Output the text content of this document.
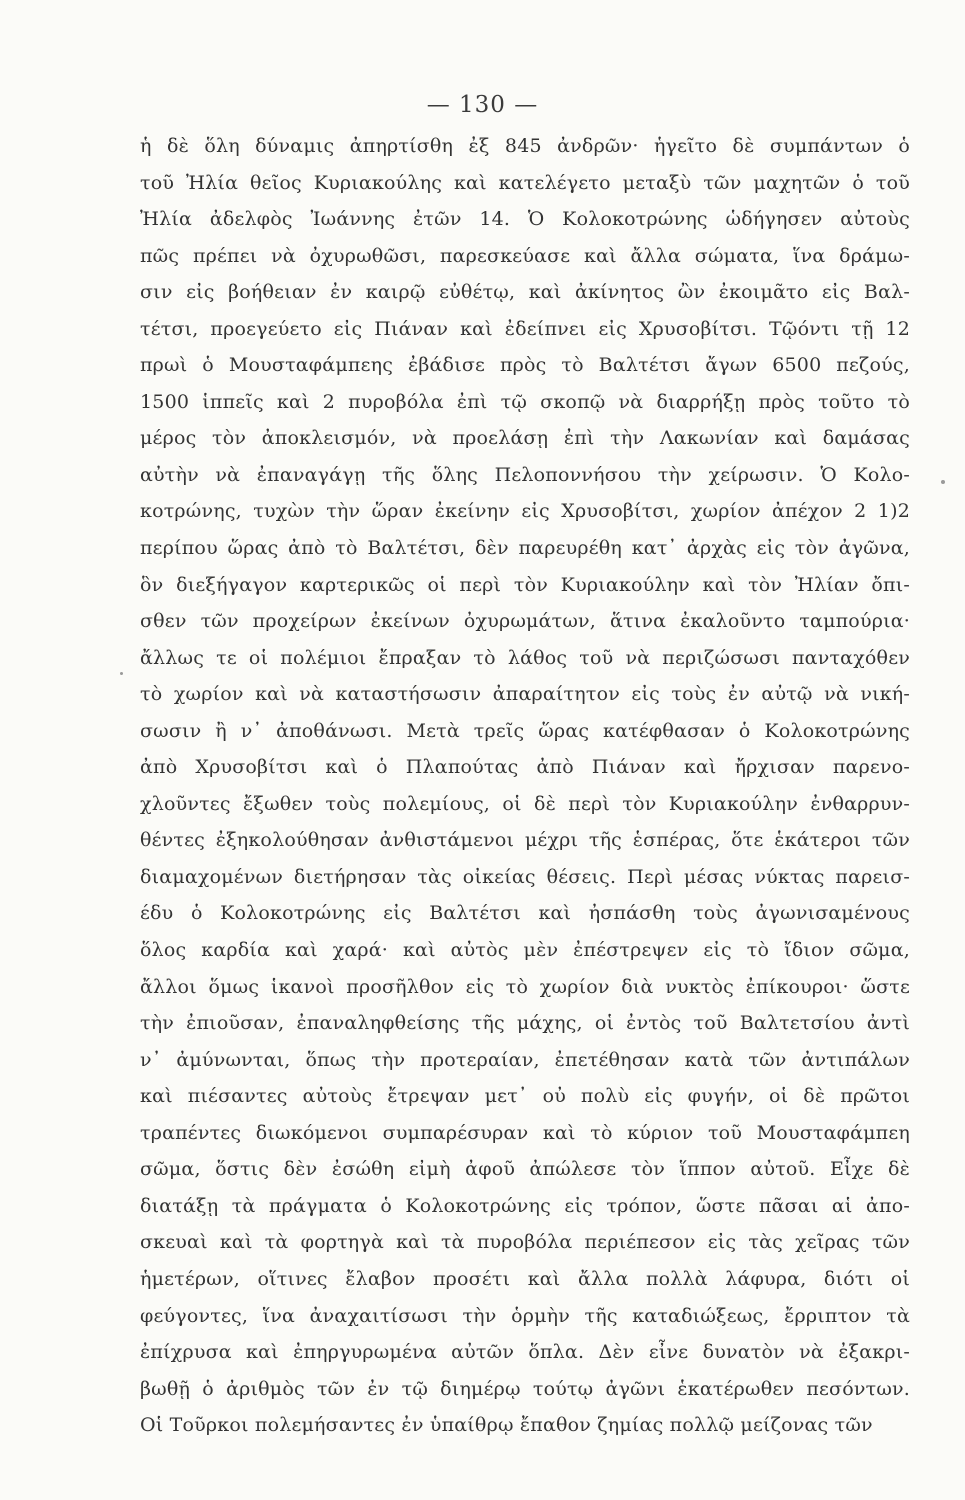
— 130 —
ἡ δὲ ὅλη δύναμις ἀπηρτίσθη ἐξ 845 ἀνδρῶν· ἡγεῖτο δὲ συμπάντων ὁ
τοῦ Ἠλία θεῖος Κυριακούλης καὶ κατελέγετο μεταξὺ τῶν μαχητῶν ὁ τοῦ
Ἠλία ἀδελφὸς Ἰωάννης ἐτῶν 14. Ὁ Κολοκοτρώνης ὡδήγησεν αὐτοὺς
πῶς πρέπει νὰ ὀχυρωθῶσι, παρεσκεύασε καὶ ἄλλα σώματα, ἵνα δράμω-
σιν εἰς βοήθειαν ἐν καιρῷ εὐθέτῳ, καὶ ἀκίνητος ὢν ἐκοιμᾶτο εἰς Βαλ-
τέτσι, προεγεύετο εἰς Πιάναν καὶ ἐδείπνει εἰς Χρυσοβίτσι. Τῷόντι τῇ 12
πρωὶ ὁ Μουσταφάμπεης ἐβάδισε πρὸς τὸ Βαλτέτσι ἄγων 6500 πεζούς,
1500 ἱππεῖς καὶ 2 πυροβόλα ἐπὶ τῷ σκοπῷ νὰ διαρρήξῃ πρὸς τοῦτο τὸ
μέρος τὸν ἀποκλεισμόν, νὰ προελάσῃ ἐπὶ τὴν Λακωνίαν καὶ δαμάσας
αὐτὴν νὰ ἐπαναγάγῃ τῆς ὅλης Πελοποννήσου τὴν χείρωσιν. Ὁ Κολο-
κοτρώνης, τυχὼν τὴν ὥραν ἐκείνην εἰς Χρυσοβίτσι, χωρίον ἀπέχον 2 1)2
περίπου ὥρας ἀπὸ τὸ Βαλτέτσι, δὲν παρευρέθη κατ᾽ ἀρχὰς εἰς τὸν ἀγῶνα,
ὃν διεξήγαγον καρτερικῶς οἱ περὶ τὸν Κυριακούλην καὶ τὸν Ἠλίαν ὄπι-
σθεν τῶν προχείρων ἐκείνων ὀχυρωμάτων, ἅτινα ἐκαλοῦντο ταμπούρια·
ἄλλως τε οἱ πολέμιοι ἔπραξαν τὸ λάθος τοῦ νὰ περιζώσωσι πανταχόθεν
τὸ χωρίον καὶ νὰ καταστήσωσιν ἀπαραίτητον εἰς τοὺς ἐν αὐτῷ νὰ νική-
σωσιν ἢ ν᾽ ἀποθάνωσι. Μετὰ τρεῖς ὥρας κατέφθασαν ὁ Κολοκοτρώνης
ἀπὸ Χρυσοβίτσι καὶ ὁ Πλαπούτας ἀπὸ Πιάναν καὶ ἤρχισαν παρενο-
χλοῦντες ἔξωθεν τοὺς πολεμίους, οἱ δὲ περὶ τὸν Κυριακούλην ἐνθαρρυν-
θέντες ἐξηκολούθησαν ἀνθιστάμενοι μέχρι τῆς ἑσπέρας, ὅτε ἑκάτεροι τῶν
διαμαχομένων διετήρησαν τὰς οἰκείας θέσεις. Περὶ μέσας νύκτας παρεισ-
έδυ ὁ Κολοκοτρώνης εἰς Βαλτέτσι καὶ ἠσπάσθη τοὺς ἀγωνισαμένους
ὅλος καρδία καὶ χαρά· καὶ αὐτὸς μὲν ἐπέστρεψεν εἰς τὸ ἴδιον σῶμα,
ἄλλοι ὅμως ἱκανοὶ προσῆλθον εἰς τὸ χωρίον διὰ νυκτὸς ἐπίκουροι· ὥστε
τὴν ἐπιοῦσαν, ἐπαναληφθείσης τῆς μάχης, οἱ ἐντὸς τοῦ Βαλτετσίου ἀντὶ
ν᾽ ἀμύνωνται, ὅπως τὴν προτεραίαν, ἐπετέθησαν κατὰ τῶν ἀντιπάλων
καὶ πιέσαντες αὐτοὺς ἔτρεψαν μετ᾽ οὐ πολὺ εἰς φυγήν, οἱ δὲ πρῶτοι
τραπέντες διωκόμενοι συμπαρέσυραν καὶ τὸ κύριον τοῦ Μουσταφάμπεη
σῶμα, ὅστις δὲν ἐσώθη εἰμὴ ἀφοῦ ἀπώλεσε τὸν ἵππον αὐτοῦ. Εἶχε δὲ
διατάξῃ τὰ πράγματα ὁ Κολοκοτρώνης εἰς τρόπον, ὥστε πᾶσαι αἱ ἀπο-
σκευαὶ καὶ τὰ φορτηγὰ καὶ τὰ πυροβόλα περιέπεσον εἰς τὰς χεῖρας τῶν
ἡμετέρων, οἵτινες ἔλαβον προσέτι καὶ ἄλλα πολλὰ λάφυρα, διότι οἱ
φεύγοντες, ἵνα ἀναχαιτίσωσι τὴν ὁρμὴν τῆς καταδιώξεως, ἔρριπτον τὰ
ἐπίχρυσα καὶ ἐπηργυρωμένα αὐτῶν ὅπλα. Δὲν εἶνε δυνατὸν νὰ ἐξακρι-
βωθῇ ὁ ἀριθμὸς τῶν ἐν τῷ διημέρῳ τούτῳ ἀγῶνι ἑκατέρωθεν πεσόντων.
Οἱ Τοῦρκοι πολεμήσαντες ἐν ὑπαίθρῳ ἔπαθον ζημίας πολλῷ μείζονας τῶν
